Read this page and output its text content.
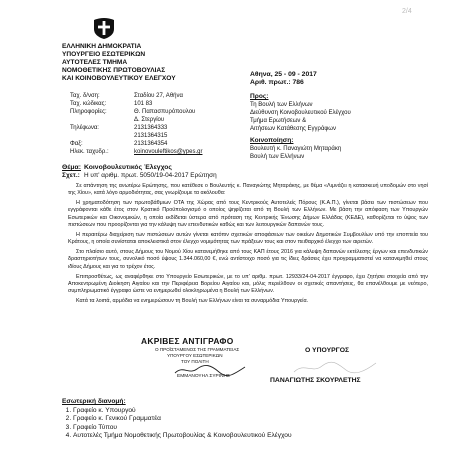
2/4
ΕΛΛΗΝΙΚΗ ΔΗΜΟΚΡΑΤΙΑ
ΥΠΟΥΡΓΕΙΟ ΕΣΩΤΕΡΙΚΩΝ
ΑΥΤΟΤΕΛΕΣ ΤΜΗΜΑ
ΝΟΜΟΘΕΤΙΚΗΣ ΠΡΩΤΟΒΟΥΛΙΑΣ
ΚΑΙ ΚΟΙΝΟΒΟΥΛΕΥΤΙΚΟΥ ΕΛΕΓΧΟΥ
Αθηνα, 25 - 09 - 2017
Αριθ. πρωτ.: 786
Ταχ. δ/νση:	Σταδίου 27, Αθήνα
Ταχ. κώδικας:	101 83
Πληροφορίες:	Θ. Παπασπυρόπουλου
Δ. Στεργίου
Τηλέφωνα:	2131364333
2131364315
Φαξ:	2131364354
Ηλεκ. ταχυδρ.:	koinovouleftikos@ypes.gr
Προς:
Τη Βουλή των Ελλήνων
Διεύθυνση Κοινοβουλευτικού Ελέγχου
Τμήμα Ερωτήσεων &
Αιτήσεων Κατάθεσης Εγγράφων
Κοινοποίηση:
Βουλευτή κ. Παναγιώτη Μηταράκη
Βουλή των Ελλήνων
Θέμα: Κοινοβουλευτικός Έλεγχος
Σχετ.: Η υπ' αριθμ. πρωτ. 5050/19-04-2017 Ερώτηση

Σε απάντηση της ανωτέρω Ερώτησης, που κατέθεσε ο Βουλευτής κ. Παναγιώτης Μηταράκης, με θέμα «Λιμνάζει η κατασκευή υποδομών στο νησί της Χίου», κατά λόγο αρμοδιότητας, σας γνωρίζουμε τα ακόλουθα:

Η χρηματοδότηση των πρωτοβάθμιων ΟΤΑ της Χώρας από τους Κεντρικούς Αυτοτελείς Πόρους (Κ.Α.Π.), γίνεται βάσει των πιστώσεων που εγγράφονται κάθε έτος στον Κρατικό Προϋπολογισμό ο οποίος ψηφίζεται από τη Βουλή των Ελλήνων. Με βάση την απόφαση των Υπουργών Εσωτερικών και Οικονομικών, η οποία εκδίδεται ύστερα από πρόταση της Κεντρικής Ένωσης Δήμων Ελλάδας (ΚΕΔΕ), καθορίζεται το ύψος των πιστώσεων που προορίζονται για την κάλυψη των επενδυτικών καθώς και των λειτουργικών δαπανών τους.

Η περαιτέρω διαχείριση των πιστώσεων αυτών γίνεται κατόπιν σχετικών αποφάσεων των οικείων Δημοτικών Συμβουλίων υπό την εποπτεία του Κράτους, η οποία συνίσταται αποκλειστικά στον έλεγχο νομιμότητας των πράξεων τους και στον πειθαρχικό έλεγχο των αιρετών.

Στο πλαίσιο αυτό, στους Δήμους του Νομού Χίου κατανεμήθηκε από τους ΚΑΠ έτους 2016 για κάλυψη δαπανών εκτέλεσης έργων και επενδυτικών δραστηριοτήτων τους, συνολικό ποσό ύψους 1.344.060,00 €, ενώ αντίστοιχο ποσό για τις ίδιες δράσεις έχει προγραμματιστεί να κατανεμηθεί στους ιδίους Δήμους και για το τρέχον έτος.

Επιπροσθέτως, ως αναφέρθηκε στο Υπουργείο Εσωτερικών, με το υπ' αριθμ. πρωτ. 12933/24-04-2017 έγγραφο, έχει ζητήσει στοιχεία από την Αποκεντρωμένη Διοίκηση Αιγαίου και την Περιφέρεια Βορείου Αιγαίου και, μόλις περιέλθουν οι σχετικές απαντήσεις, θα επανέλθουμε με νεότερο, συμπληρωματικό έγγραφο ώστε να ενημερωθεί ολοκληρωμένα η Βουλή των Ελλήνων.

Κατά τα λοιπά, αρμόδια να ενημερώσουν τη Βουλή των Ελλήνων είναι τα συναρμόδια Υπουργεία.

ΑΚΡΙΒΕΣ ΑΝΤΙΓΡΑΦΟ
Ο ΠΡΟΪΣΤΑΜΕΝΟΣ ΤΗΣ ΓΡΑΜΜΑΤΕΙΑΣ
ΥΠΟΥΡΓΟΥ ΕΣΩΤΕΡΙΚΩΝ
ΤΟΥ ΠΟΛΙΤΗ
ΕΜΜΑΝΟΥΗΛ ΣΥΡΙΝΗΣ
Ο ΥΠΟΥΡΓΟΣ
ΠΑΝΑΓΙΩΤΗΣ ΣΚΟΥΡΛΕΤΗΣ
Εσωτερική διανομή:
1. Γραφείο κ. Υπουργού
2. Γραφείο κ. Γενικού Γραμματέα
3. Γραφείο Τύπου
4. Αυτοτελές Τμήμα Νομοθετικής Πρωτοβουλίας & Κοινοβουλευτικού Ελέγχου
